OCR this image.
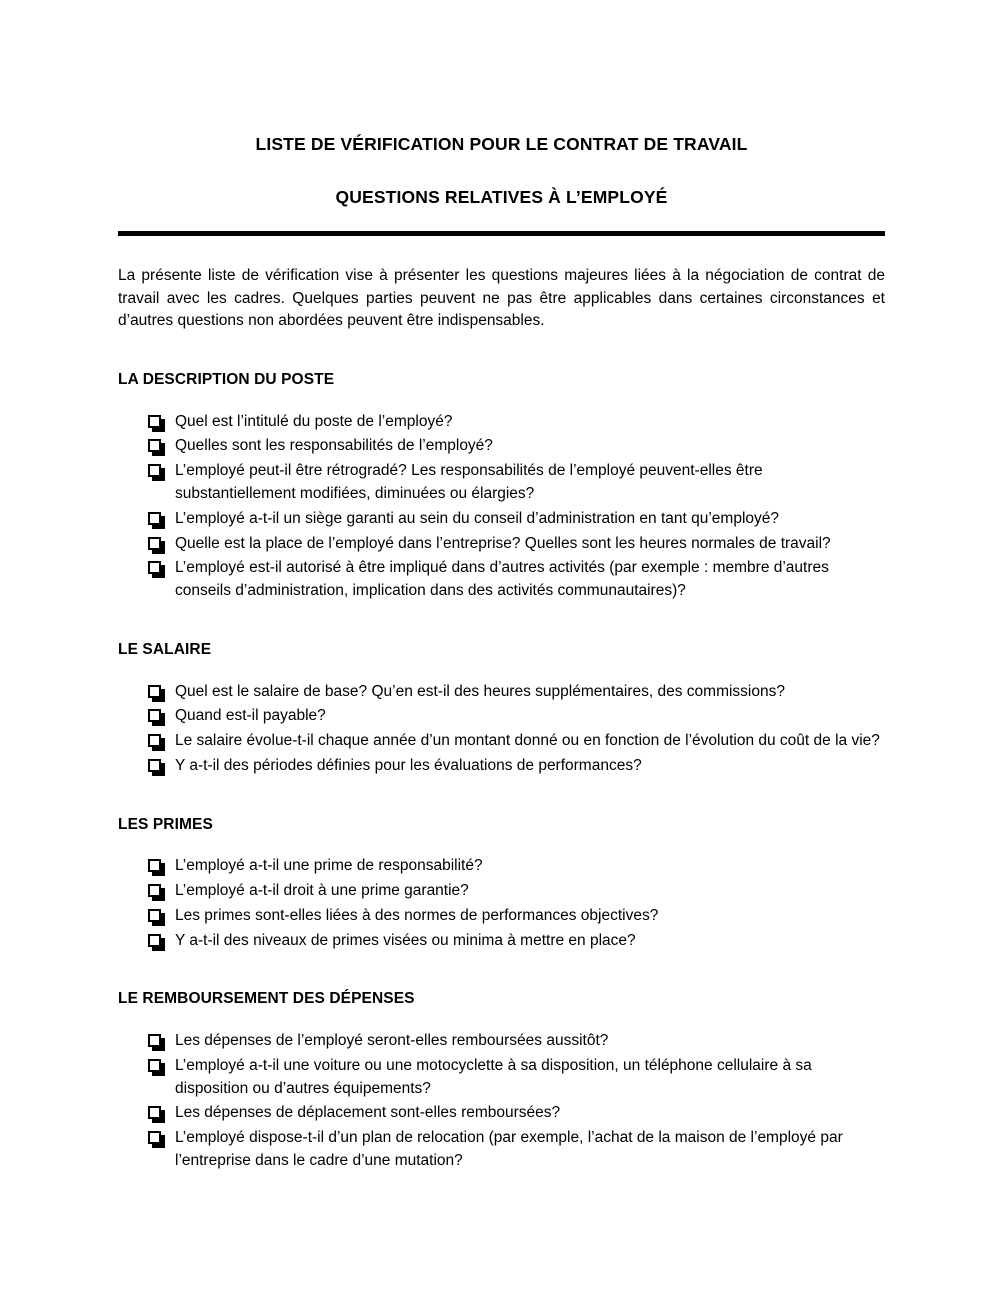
LISTE DE VÉRIFICATION POUR LE CONTRAT DE TRAVAIL
QUESTIONS RELATIVES À L’EMPLOYÉ

La présente liste de vérification vise à présenter les questions majeures liées à la négociation de contrat de travail avec les cadres. Quelques parties peuvent ne pas être applicables dans certaines circonstances et d’autres questions non abordées peuvent être indispensables.

LA DESCRIPTION DU POSTE
Quel est l’intitulé du poste de l’employé?
Quelles sont les responsabilités de l’employé?
L’employé peut-il être rétrogradé? Les responsabilités de l’employé peuvent-elles être substantiellement modifiées, diminuées ou élargies?
L’employé a-t-il un siège garanti au sein du conseil d’administration en tant qu’employé?
Quelle est la place de l’employé dans l’entreprise? Quelles sont les heures normales de travail?
L’employé est-il autorisé à être impliqué dans d’autres activités (par exemple : membre d’autres conseils d’administration, implication dans des activités communautaires)?
LE SALAIRE
Quel est le salaire de base? Qu’en est-il des heures supplémentaires, des commissions?
Quand est-il payable?
Le salaire évolue-t-il chaque année d’un montant donné ou en fonction de l’évolution du coût de la vie?
Y a-t-il des périodes définies pour les évaluations de performances?
LES PRIMES
L’employé a-t-il une prime de responsabilité?
L’employé a-t-il droit à une prime garantie?
Les primes sont-elles liées à des normes de performances objectives?
Y a-t-il des niveaux de primes visées ou minima à mettre en place?
LE REMBOURSEMENT DES DÉPENSES
Les dépenses de l’employé seront-elles remboursées aussitôt?
L’employé a-t-il une voiture ou une motocyclette à sa disposition, un téléphone cellulaire à sa disposition ou d’autres équipements?
Les dépenses de déplacement sont-elles remboursées?
L’employé dispose-t-il d’un plan de relocation (par exemple, l’achat de la maison de l’employé par l’entreprise dans le cadre d’une mutation?
